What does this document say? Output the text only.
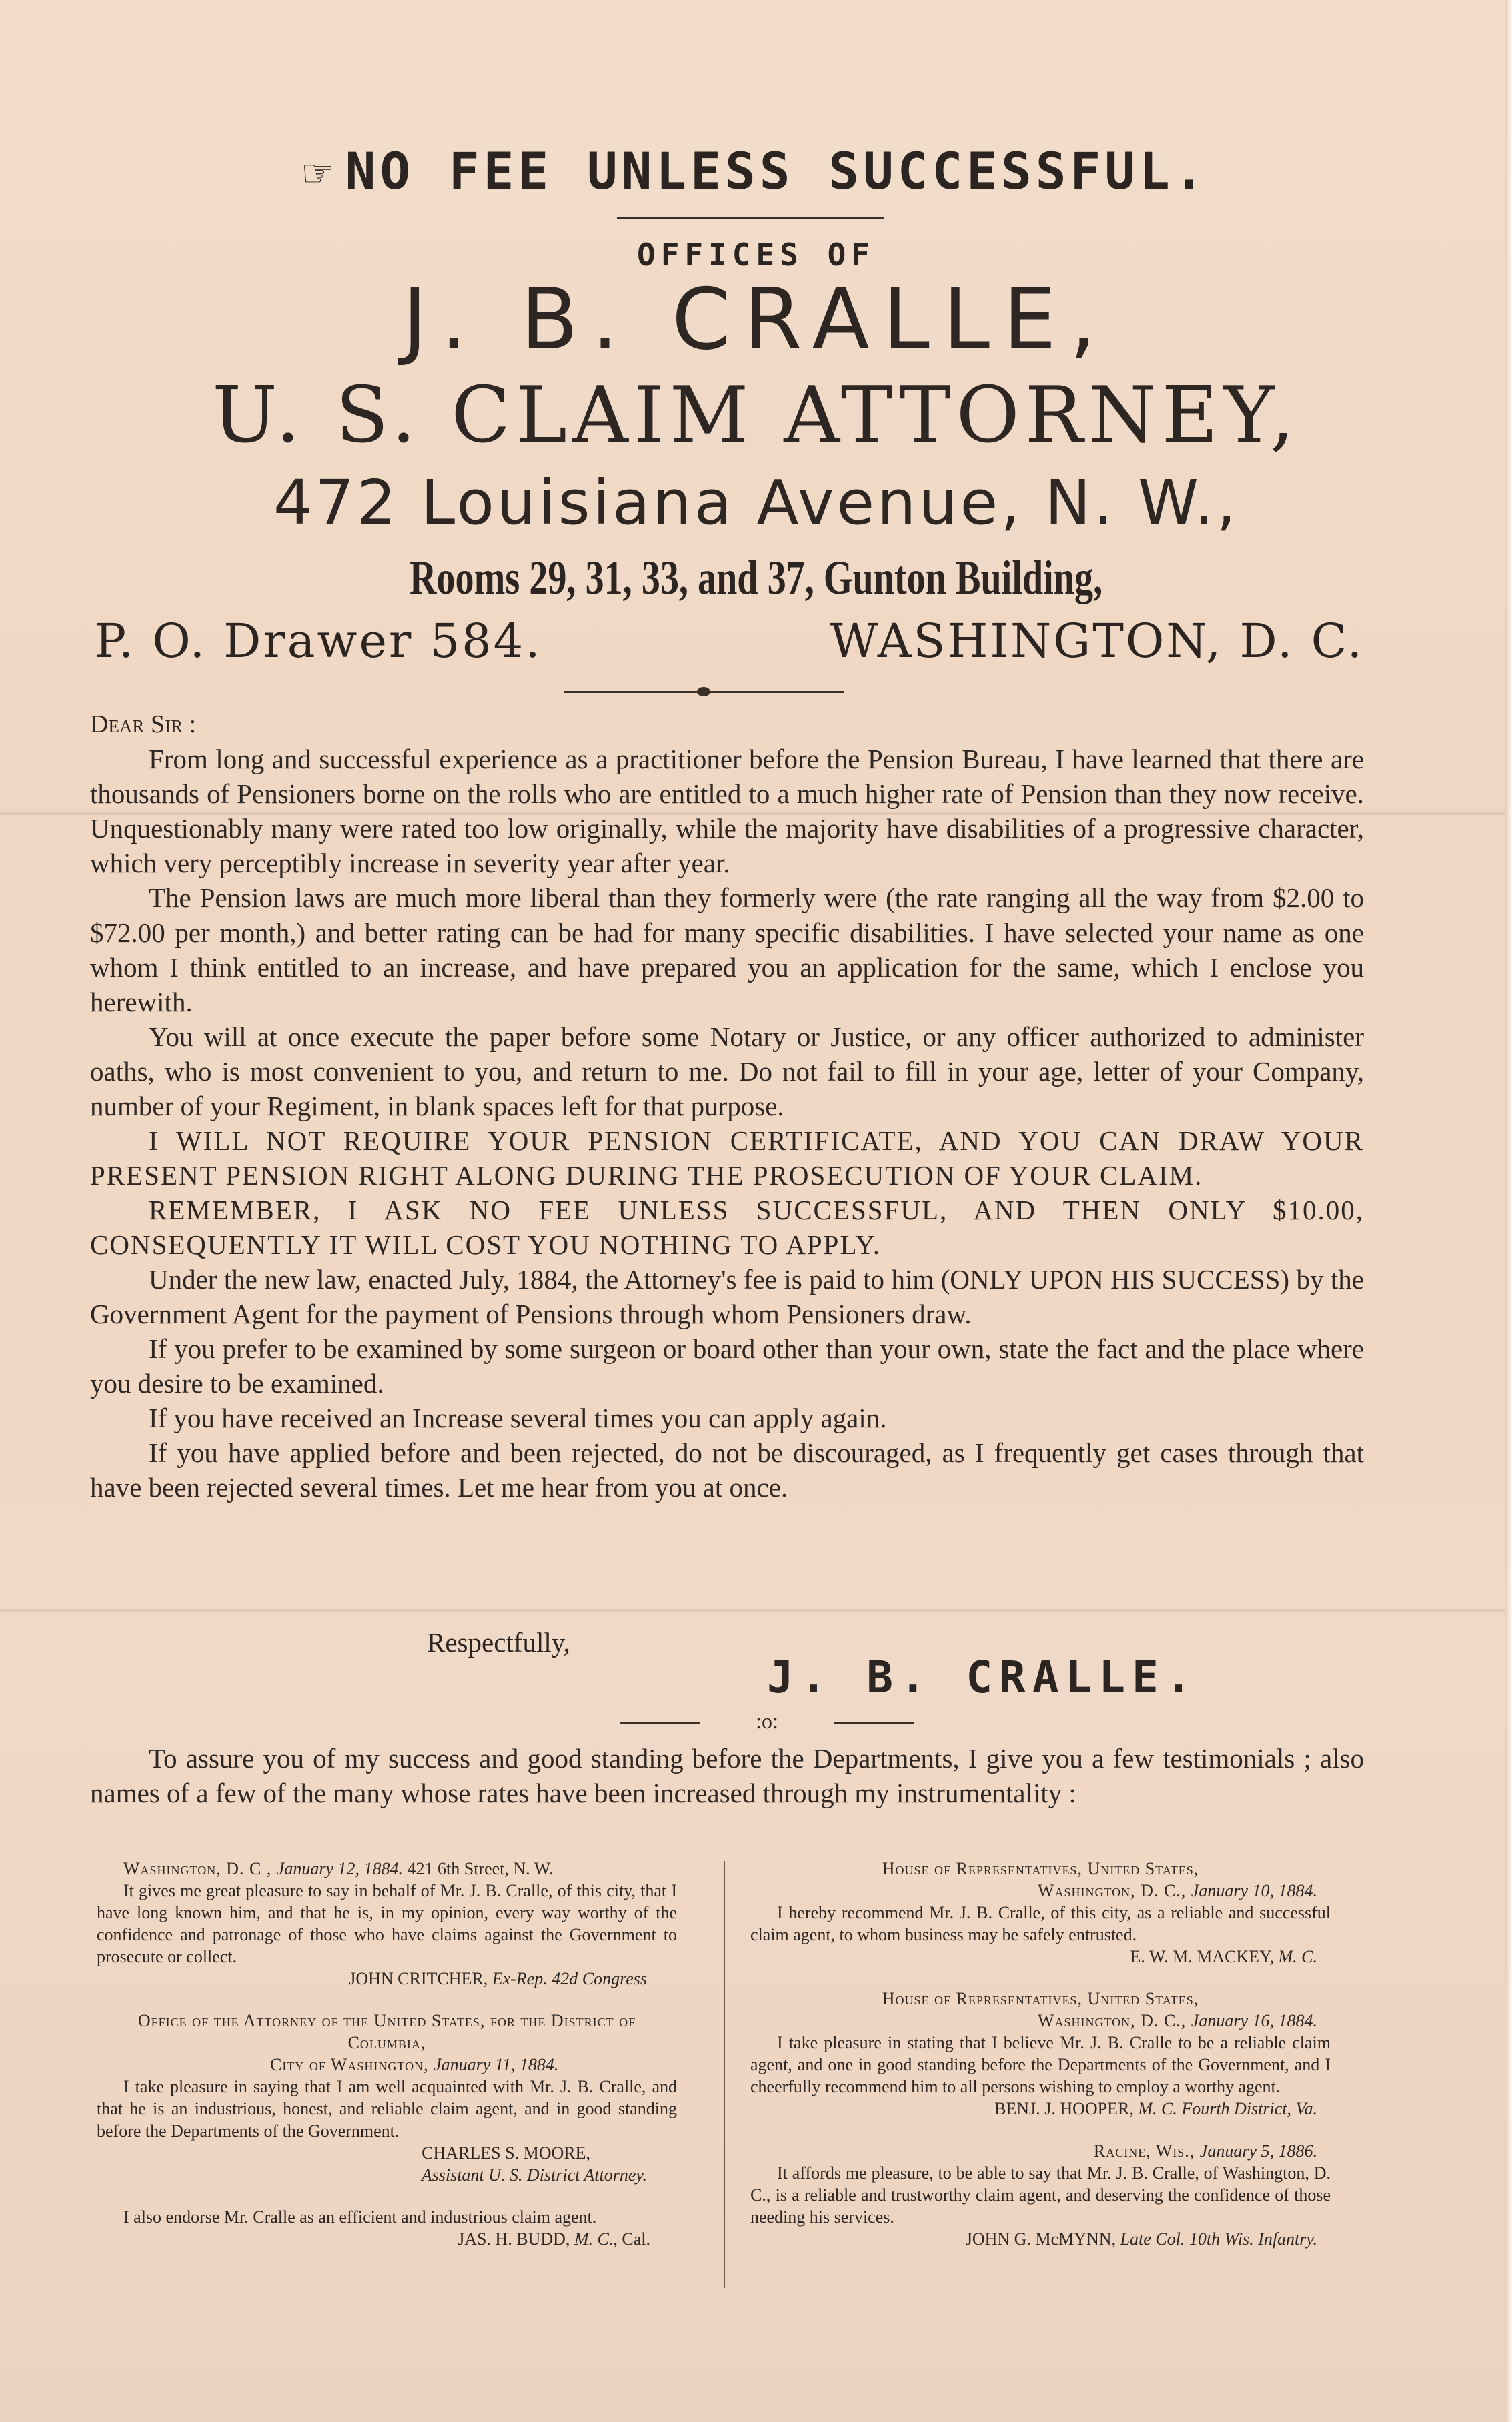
☞ NO FEE UNLESS SUCCESSFUL.
OFFICES OF
J. B. CRALLE,
U. S. CLAIM ATTORNEY,
472 Louisiana Avenue, N. W.,
Rooms 29, 31, 33, and 37, Gunton Building,
P. O. Drawer 584.	WASHINGTON, D. C.

Dear Sir :

From long and successful experience as a practitioner before the Pension Bureau, I have learned that there are thousands of Pensioners borne on the rolls who are entitled to a much higher rate of Pension than they now receive. Unquestionably many were rated too low originally, while the majority have disabilities of a progressive character, which very perceptibly increase in severity year after year.

The Pension laws are much more liberal than they formerly were (the rate ranging all the way from $2.00 to $72.00 per month,) and better rating can be had for many specific disabilities. I have selected your name as one whom I think entitled to an increase, and have prepared you an application for the same, which I enclose you herewith.

You will at once execute the paper before some Notary or Justice, or any officer authorized to administer oaths, who is most convenient to you, and return to me. Do not fail to fill in your age, letter of your Company, number of your Regiment, in blank spaces left for that purpose.

I WILL NOT REQUIRE YOUR PENSION CERTIFICATE, AND YOU CAN DRAW YOUR PRESENT PENSION RIGHT ALONG DURING THE PROSECUTION OF YOUR CLAIM.

REMEMBER, I ASK NO FEE UNLESS SUCCESSFUL, AND THEN ONLY $10.00, CONSEQUENTLY IT WILL COST YOU NOTHING TO APPLY.

Under the new law, enacted July, 1884, the Attorney's fee is paid to him (ONLY UPON HIS SUCCESS) by the Government Agent for the payment of Pensions through whom Pensioners draw.

If you prefer to be examined by some surgeon or board other than your own, state the fact and the place where you desire to be examined.

If you have received an Increase several times you can apply again.

If you have applied before and been rejected, do not be discouraged, as I frequently get cases through that have been rejected several times. Let me hear from you at once.

Respectfully,
J. B. CRALLE.
:o:

To assure you of my success and good standing before the Departments, I give you a few testimonials ; also names of a few of the many whose rates have been increased through my instrumentality :

Washington, D. C , January 12, 1884. 421 6th Street, N. W.

It gives me great pleasure to say in behalf of Mr. J. B. Cralle, of this city, that I have long known him, and that he is, in my opinion, every way worthy of the confidence and patronage of those who have claims against the Government to prosecute or collect.

JOHN CRITCHER, Ex-Rep. 42d Congress

Office of the Attorney of the United States, for the District of Columbia,

City of Washington, January 11, 1884.

I take pleasure in saying that I am well acquainted with Mr. J. B. Cralle, and that he is an industrious, honest, and reliable claim agent, and in good standing before the Departments of the Government.

CHARLES S. MOORE,

Assistant U. S. District Attorney.

I also endorse Mr. Cralle as an efficient and industrious claim agent.

JAS. H. BUDD, M. C., Cal.

House of Representatives, United States,

Washington, D. C., January 10, 1884.

I hereby recommend Mr. J. B. Cralle, of this city, as a reliable and successful claim agent, to whom business may be safely entrusted.

E. W. M. MACKEY, M. C.

House of Representatives, United States,

Washington, D. C., January 16, 1884.

I take pleasure in stating that I believe Mr. J. B. Cralle to be a reliable claim agent, and one in good standing before the Departments of the Government, and I cheerfully recommend him to all persons wishing to employ a worthy agent.

BENJ. J. HOOPER, M. C. Fourth District, Va.

Racine, Wis., January 5, 1886.

It affords me pleasure, to be able to say that Mr. J. B. Cralle, of Washington, D. C., is a reliable and trustworthy claim agent, and deserving the confidence of those needing his services.

JOHN G. McMYNN, Late Col. 10th Wis. Infantry.
